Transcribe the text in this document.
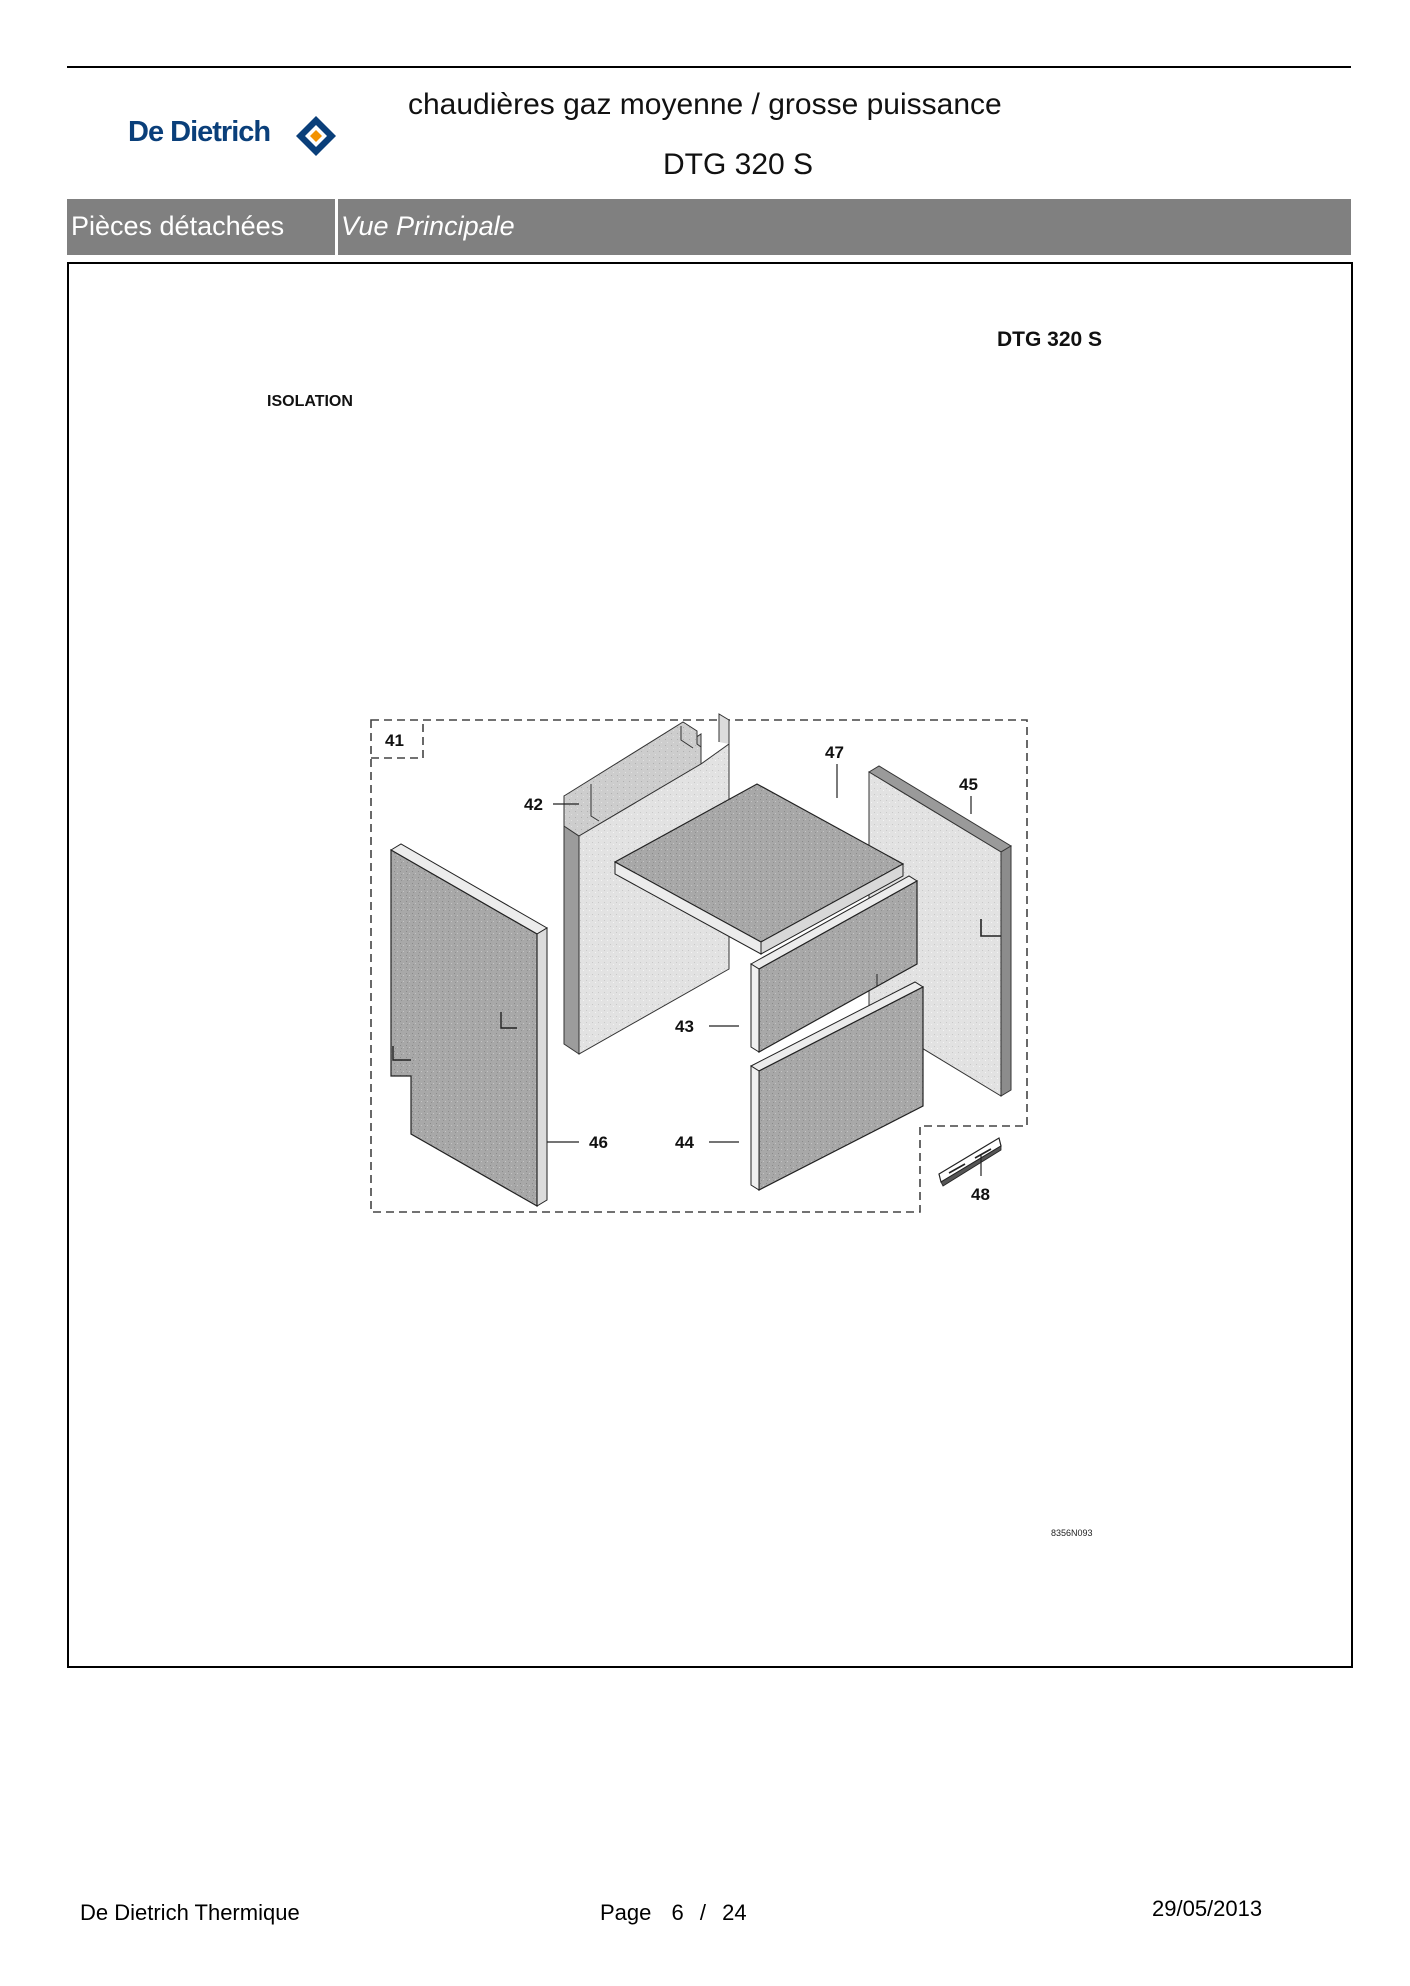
De Dietrich
chaudières gaz moyenne / grosse puissance
DTG 320 S
Pièces détachées	Vue Principale
DTG 320 S
ISOLATION
41
42
47
45
43
44
46
48
8356N093
De Dietrich Thermique	Page 6 / 24	29/05/2013
